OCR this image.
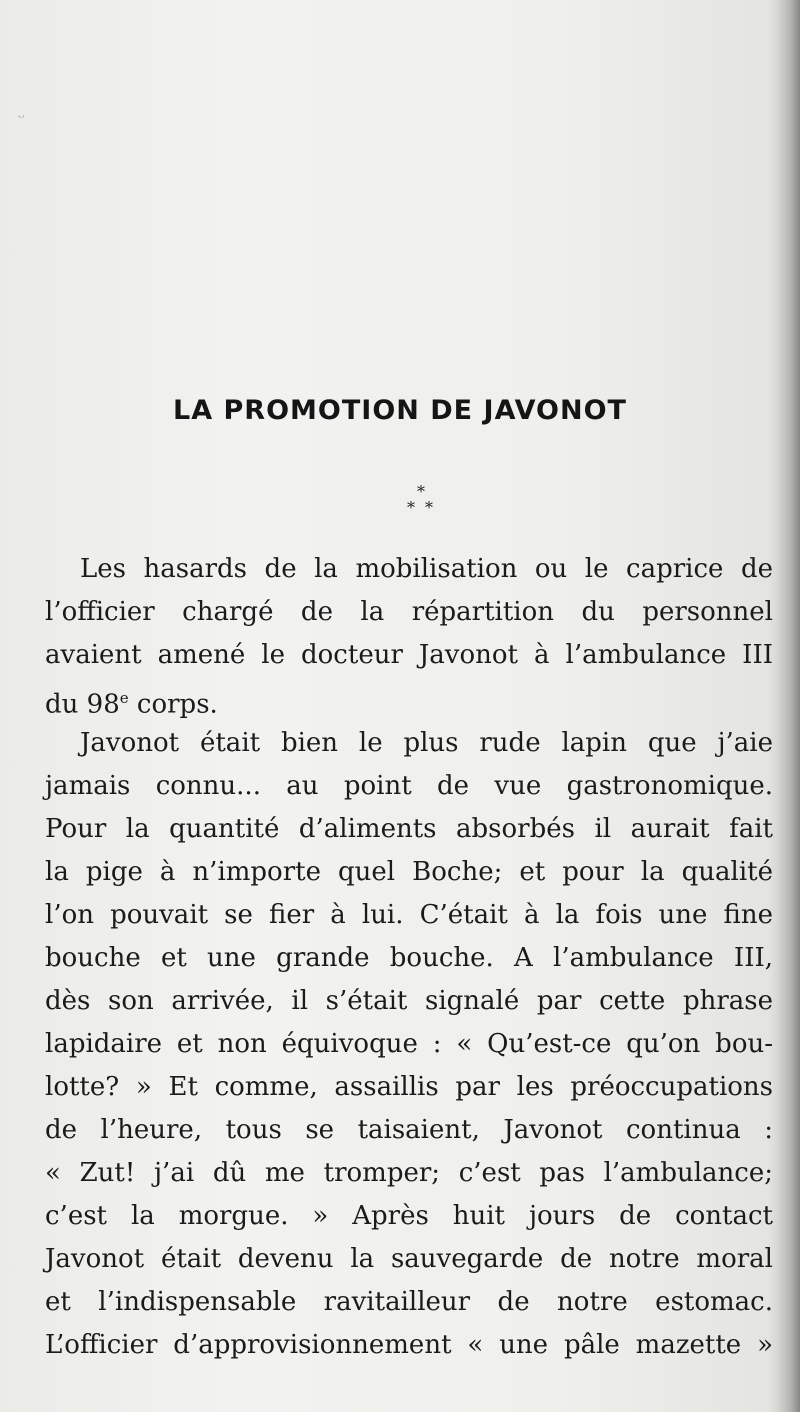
ᵕ
LA PROMOTION DE JAVONOT
*
* *
Les hasards de la mobilisation ou le caprice de
l’officier chargé de la répartition du personnel
avaient amené le docteur Javonot à l’ambulance III
du 98e corps.
Javonot était bien le plus rude lapin que j’aie
jamais connu... au point de vue gastronomique.
Pour la quantité d’aliments absorbés il aurait fait
la pige à n’importe quel Boche; et pour la qualité
l’on pouvait se fier à lui. C’était à la fois une fine
bouche et une grande bouche. A l’ambulance III,
dès son arrivée, il s’était signalé par cette phrase
lapidaire et non équivoque : « Qu’est-ce qu’on bou-
lotte? » Et comme, assaillis par les préoccupations
de l’heure, tous se taisaient, Javonot continua :
« Zut! j’ai dû me tromper; c’est pas l’ambulance;
c’est la morgue. » Après huit jours de contact
Javonot était devenu la sauvegarde de notre moral
et l’indispensable ravitailleur de notre estomac.
L’officier d’approvisionnement « une pâle mazette »
